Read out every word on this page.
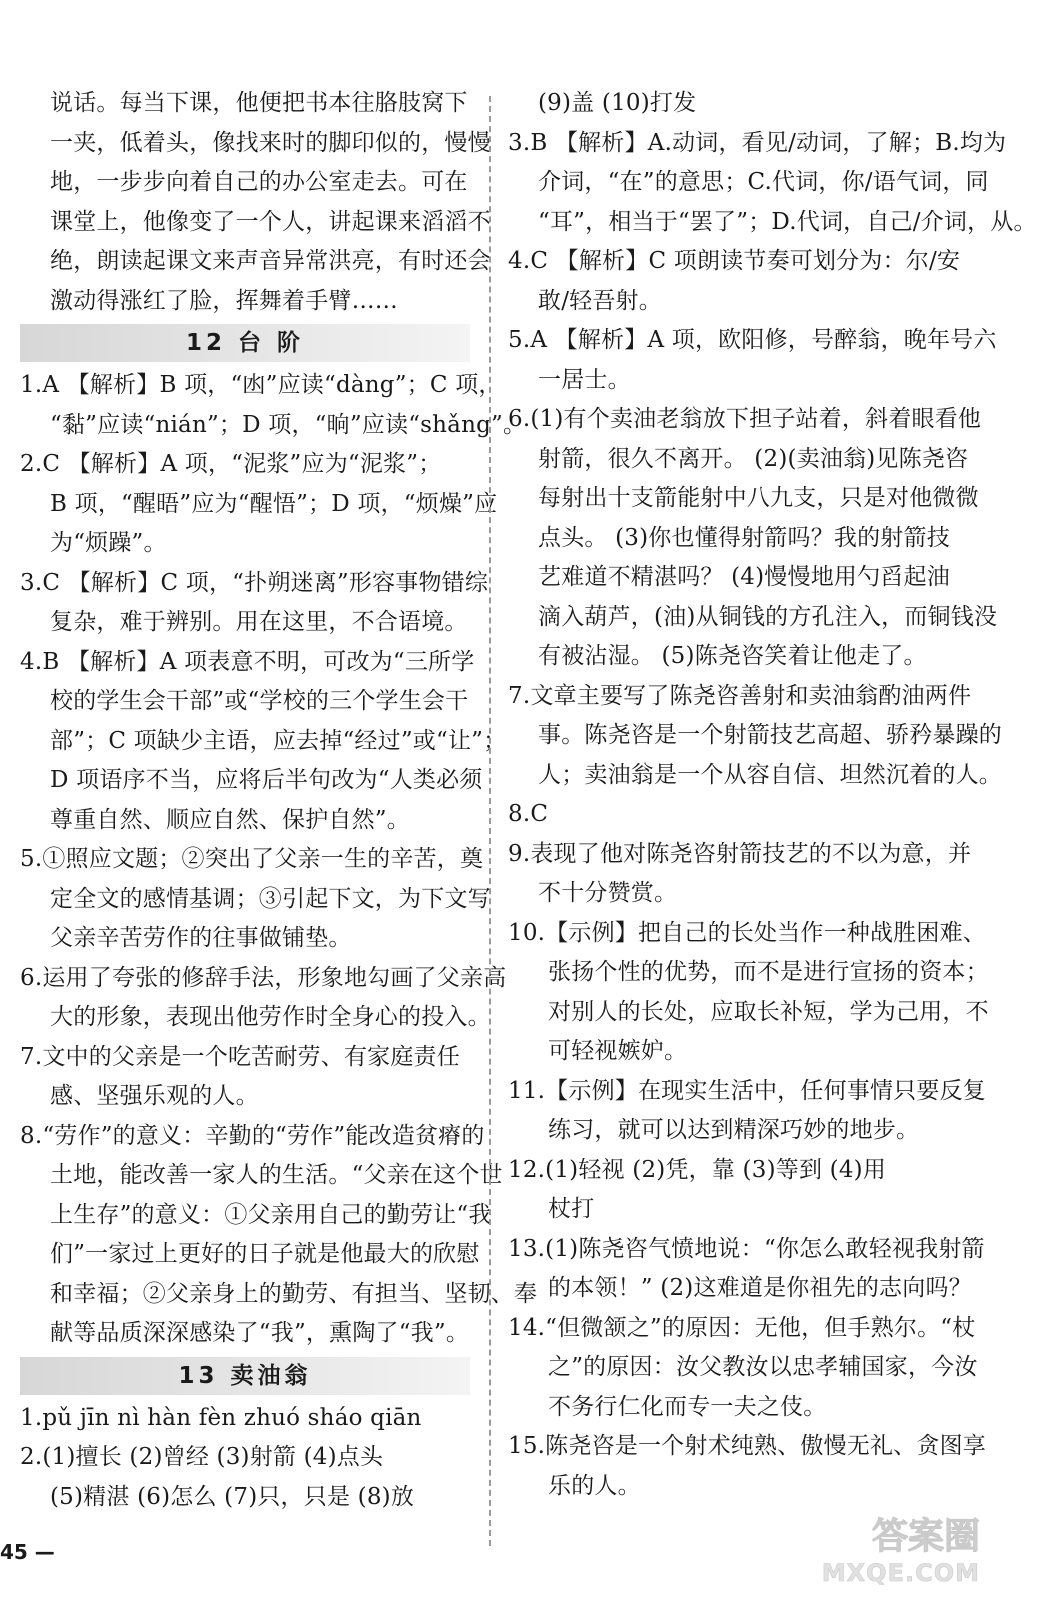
说话。每当下课，他便把书本往胳肢窝下
一夹，低着头，像找来时的脚印似的，慢慢
地，一步步向着自己的办公室走去。可在
课堂上，他像变了一个人，讲起课来滔滔不
绝，朗读起课文来声音异常洪亮，有时还会
激动得涨红了脸，挥舞着手臂……
12 台 阶
1.A 【解析】B 项，“凼”应读“dàng”；C 项，
“黏”应读“nián”；D 项，“晌”应读“shǎng”。
2.C 【解析】A 项，“泥浆”应为“泥浆”；
B 项，“醒晤”应为“醒悟”；D 项，“烦燥”应
为“烦躁”。
3.C 【解析】C 项，“扑朔迷离”形容事物错综
复杂，难于辨别。用在这里，不合语境。
4.B 【解析】A 项表意不明，可改为“三所学
校的学生会干部”或“学校的三个学生会干
部”；C 项缺少主语，应去掉“经过”或“让”；
D 项语序不当，应将后半句改为“人类必须
尊重自然、顺应自然、保护自然”。
5.①照应文题；②突出了父亲一生的辛苦，奠
定全文的感情基调；③引起下文，为下文写
父亲辛苦劳作的往事做铺垫。
6.运用了夸张的修辞手法，形象地勾画了父亲高
大的形象，表现出他劳作时全身心的投入。
7.文中的父亲是一个吃苦耐劳、有家庭责任
感、坚强乐观的人。
8.“劳作”的意义：辛勤的“劳作”能改造贫瘠的
土地，能改善一家人的生活。“父亲在这个世
上生存”的意义：①父亲用自己的勤劳让“我
们”一家过上更好的日子就是他最大的欣慰
和幸福；②父亲身上的勤劳、有担当、坚韧、奉
献等品质深深感染了“我”，熏陶了“我”。
13 卖油翁
1.pǔ jīn nì hàn fèn zhuó sháo qiān
2.(1)擅长 (2)曾经 (3)射箭 (4)点头
(5)精湛 (6)怎么 (7)只，只是 (8)放
(9)盖 (10)打发
3.B 【解析】A.动词，看见/动词，了解；B.均为
介词，“在”的意思；C.代词，你/语气词，同
“耳”，相当于“罢了”；D.代词，自己/介词，从。
4.C 【解析】C 项朗读节奏可划分为：尔/安
敢/轻吾射。
5.A 【解析】A 项，欧阳修，号醉翁，晚年号六
一居士。
6.(1)有个卖油老翁放下担子站着，斜着眼看他
射箭，很久不离开。 (2)(卖油翁)见陈尧咨
每射出十支箭能射中八九支，只是对他微微
点头。 (3)你也懂得射箭吗？我的射箭技
艺难道不精湛吗？ (4)慢慢地用勺舀起油
滴入葫芦，(油)从铜钱的方孔注入，而铜钱没
有被沾湿。 (5)陈尧咨笑着让他走了。
7.文章主要写了陈尧咨善射和卖油翁酌油两件
事。陈尧咨是一个射箭技艺高超、骄矜暴躁的
人；卖油翁是一个从容自信、坦然沉着的人。
8.C
9.表现了他对陈尧咨射箭技艺的不以为意，并
不十分赞赏。
10.【示例】把自己的长处当作一种战胜困难、
张扬个性的优势，而不是进行宣扬的资本；
对别人的长处，应取长补短，学为己用，不
可轻视嫉妒。
11.【示例】在现实生活中，任何事情只要反复
练习，就可以达到精深巧妙的地步。
12.(1)轻视 (2)凭，靠 (3)等到 (4)用
杖打
13.(1)陈尧咨气愤地说：“你怎么敢轻视我射箭
的本领！” (2)这难道是你祖先的志向吗？
14.“但微颔之”的原因：无他，但手熟尔。“杖
之”的原因：汝父教汝以忠孝辅国家，今汝
不务行仁化而专一夫之伎。
15.陈尧咨是一个射术纯熟、傲慢无礼、贪图享
乐的人。
45 —	答案圈
MXQE.COM
